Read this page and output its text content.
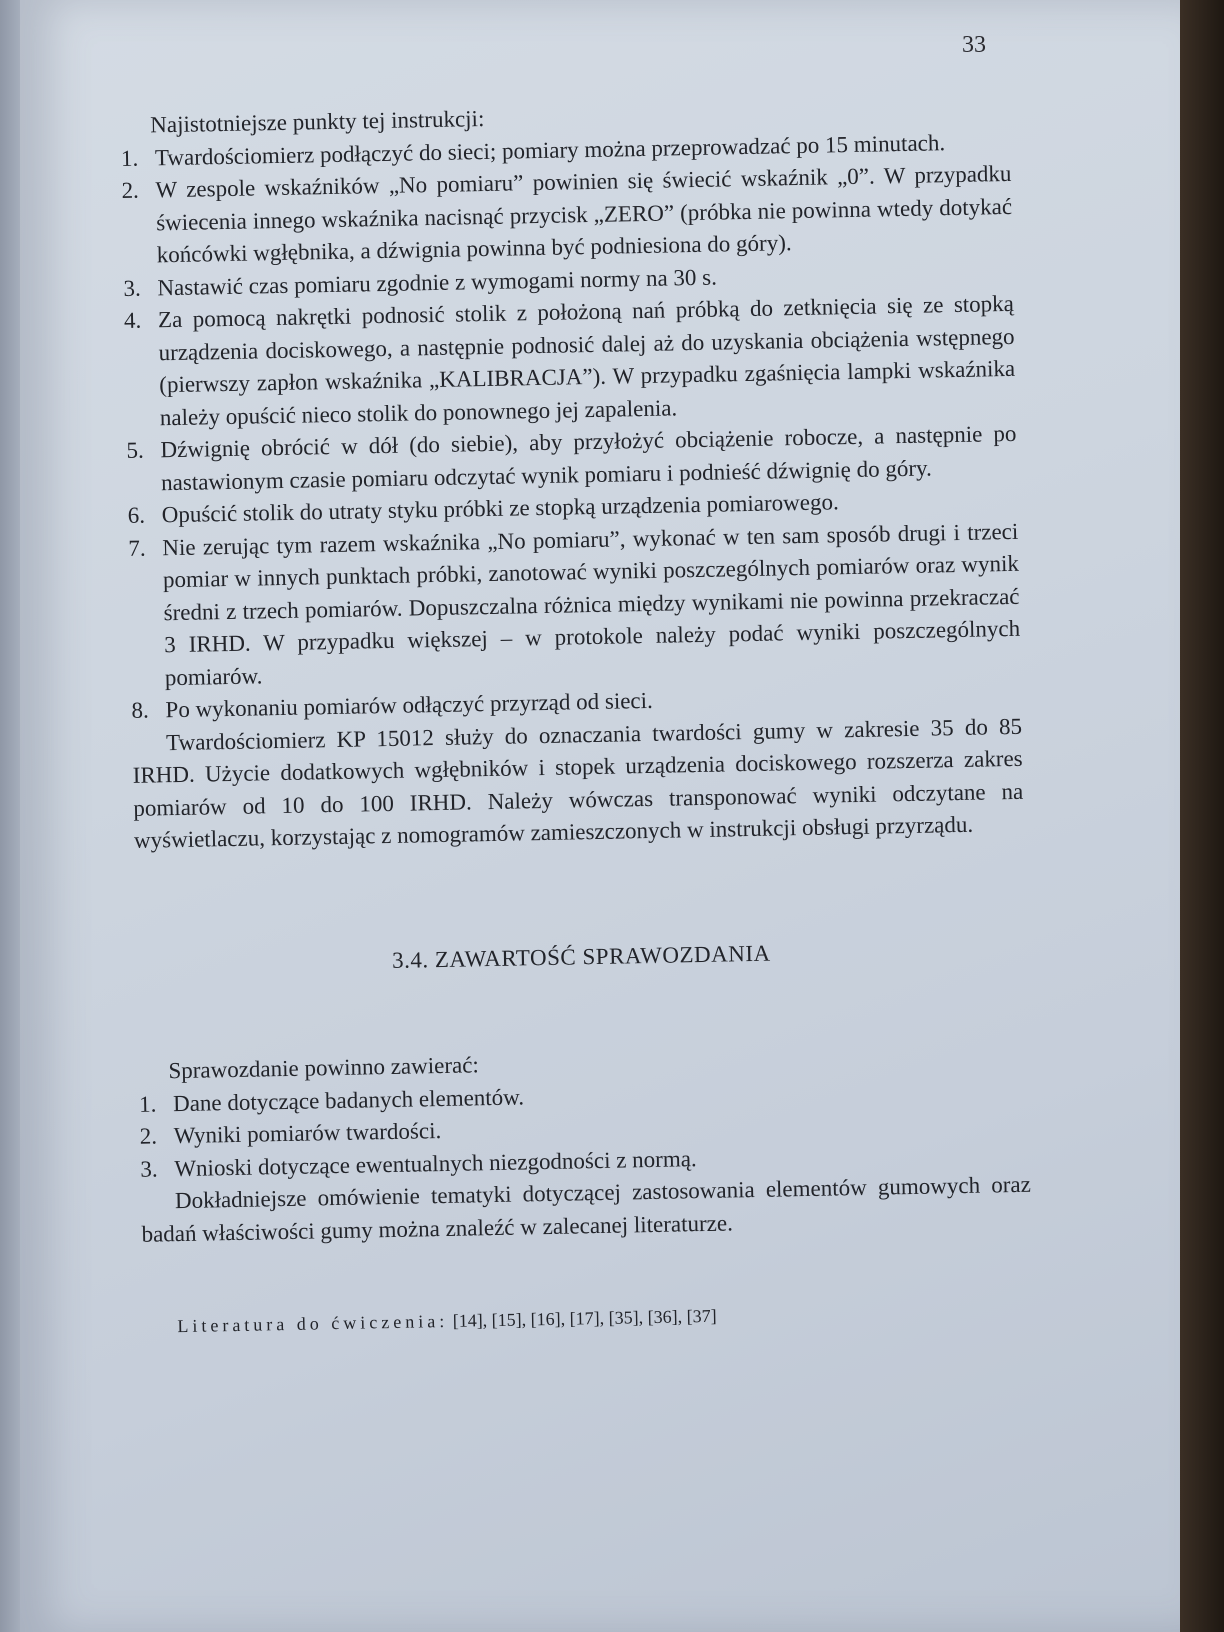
33

Najistotniejsze punkty tej instrukcji:

1. Twardościomierz podłączyć do sieci; pomiary można przeprowadzać po 15 minutach.
2. W zespole wskaźników „No pomiaru” powinien się świecić wskaźnik „0”. W przypadku świecenia innego wskaźnika nacisnąć przycisk „ZERO” (próbka nie powinna wtedy dotykać końcówki wgłębnika, a dźwignia powinna być podniesiona do góry).
3. Nastawić czas pomiaru zgodnie z wymogami normy na 30 s.
4. Za pomocą nakrętki podnosić stolik z położoną nań próbką do zetknięcia się ze stopką urządzenia dociskowego, a następnie podnosić dalej aż do uzyskania obciążenia wstępnego (pierwszy zapłon wskaźnika „KALIBRACJA”). W przypadku zgaśnięcia lampki wskaźnika należy opuścić nieco stolik do ponownego jej zapalenia.
5. Dźwignię obrócić w dół (do siebie), aby przyłożyć obciążenie robocze, a następnie po nastawionym czasie pomiaru odczytać wynik pomiaru i podnieść dźwignię do góry.
6. Opuścić stolik do utraty styku próbki ze stopką urządzenia pomiarowego.
7. Nie zerując tym razem wskaźnika „No pomiaru”, wykonać w ten sam sposób drugi i trzeci pomiar w innych punktach próbki, zanotować wyniki poszczególnych pomiarów oraz wynik średni z trzech pomiarów. Dopuszczalna różnica między wynikami nie powinna przekraczać 3 IRHD. W przypadku większej – w protokole należy podać wyniki poszczególnych pomiarów.
8. Po wykonaniu pomiarów odłączyć przyrząd od sieci.

Twardościomierz KP 15012 służy do oznaczania twardości gumy w zakresie 35 do 85 IRHD. Użycie dodatkowych wgłębników i stopek urządzenia dociskowego rozszerza zakres pomiarów od 10 do 100 IRHD. Należy wówczas transponować wyniki odczytane na wyświetlaczu, korzystając z nomogramów zamieszczonych w instrukcji obsługi przyrządu.

3.4. ZAWARTOŚĆ SPRAWOZDANIA

Sprawozdanie powinno zawierać:

1. Dane dotyczące badanych elementów.
2. Wyniki pomiarów twardości.
3. Wnioski dotyczące ewentualnych niezgodności z normą.

Dokładniejsze omówienie tematyki dotyczącej zastosowania elementów gumowych oraz badań właściwości gumy można znaleźć w zalecanej literaturze.

Literatura do ćwiczenia: [14], [15], [16], [17], [35], [36], [37]
